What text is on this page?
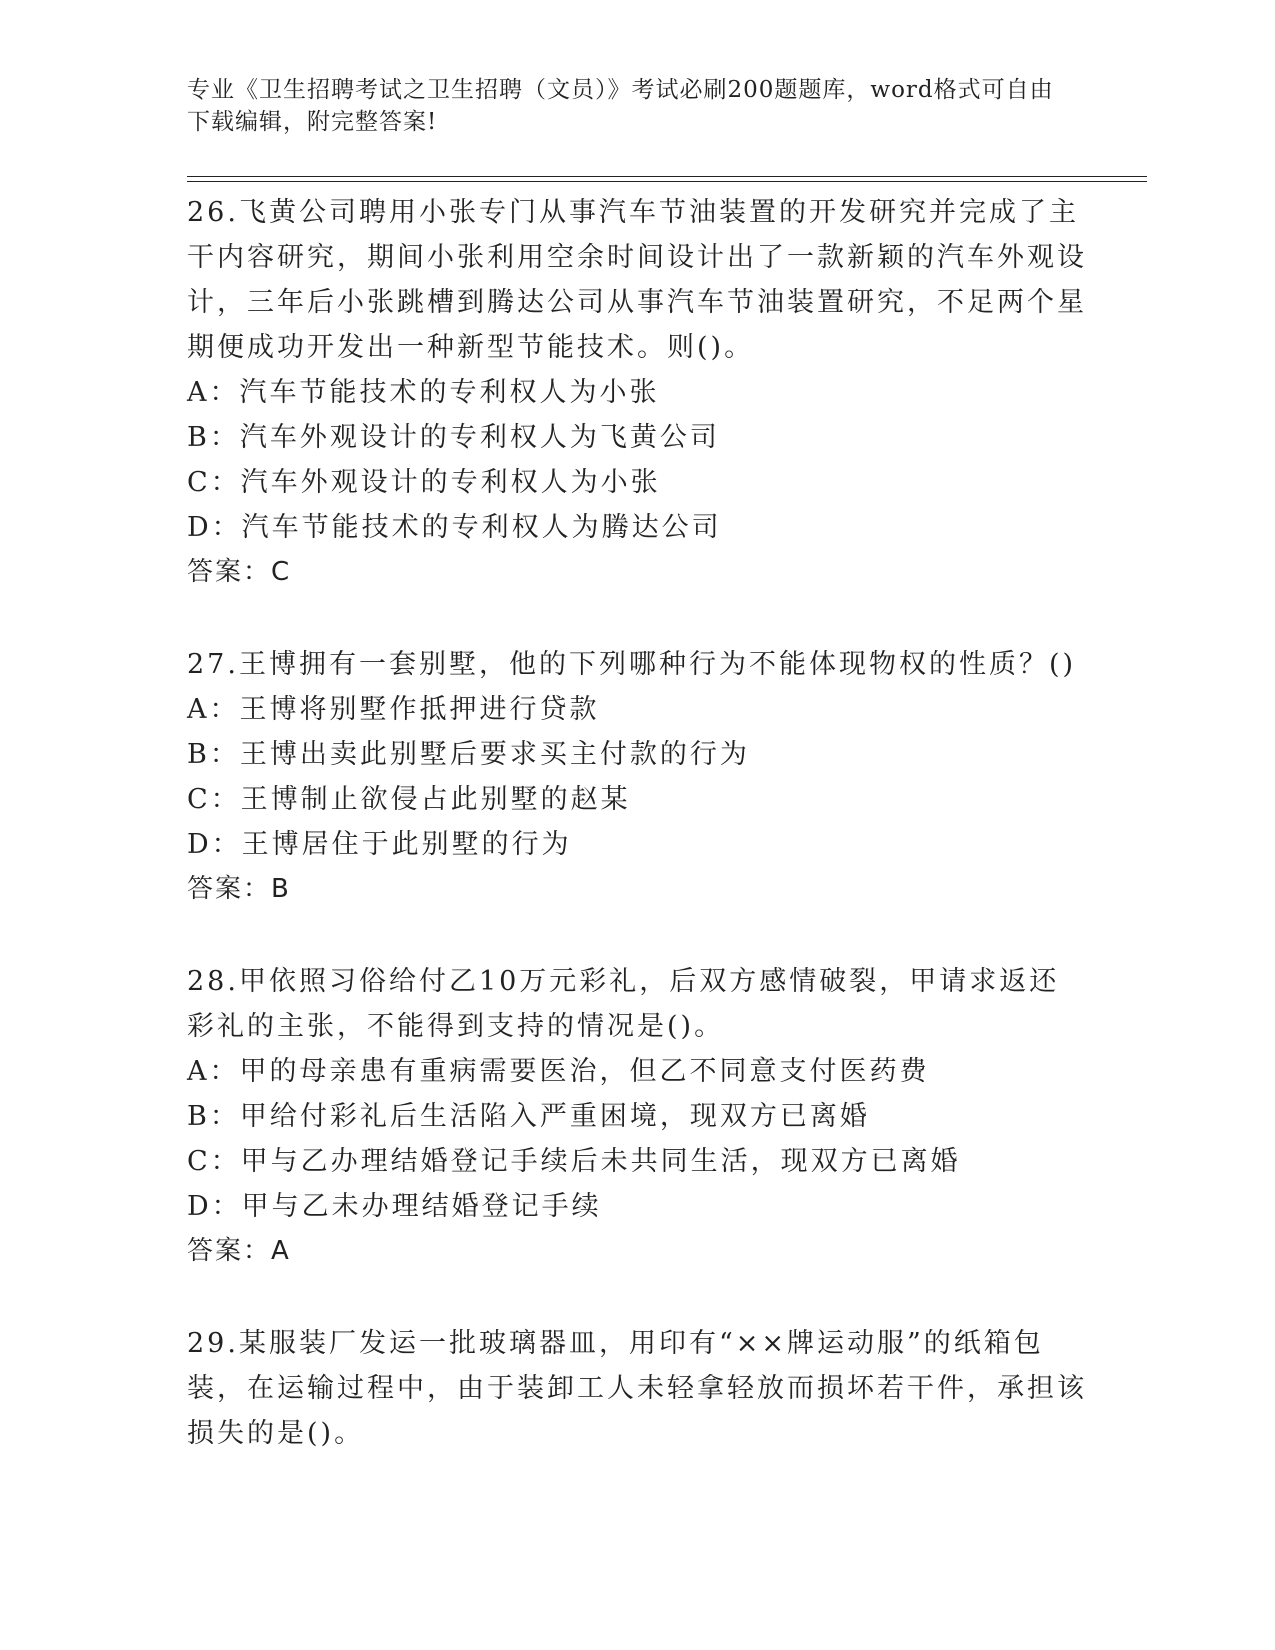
专业《卫生招聘考试之卫生招聘（文员）》考试必刷200题题库，word格式可自由下载编辑，附完整答案!

26.飞黄公司聘用小张专门从事汽车节油装置的开发研究并完成了主干内容研究，期间小张利用空余时间设计出了一款新颖的汽车外观设计，三年后小张跳槽到腾达公司从事汽车节油装置研究，不足两个星期便成功开发出一种新型节能技术。则()。

A：汽车节能技术的专利权人为小张

B：汽车外观设计的专利权人为飞黄公司

C：汽车外观设计的专利权人为小张

D：汽车节能技术的专利权人为腾达公司

答案：C

27.王博拥有一套别墅，他的下列哪种行为不能体现物权的性质？()

A：王博将别墅作抵押进行贷款

B：王博出卖此别墅后要求买主付款的行为

C：王博制止欲侵占此别墅的赵某

D：王博居住于此别墅的行为

答案：B

28.甲依照习俗给付乙10万元彩礼，后双方感情破裂，甲请求返还彩礼的主张，不能得到支持的情况是()。

A：甲的母亲患有重病需要医治，但乙不同意支付医药费

B：甲给付彩礼后生活陷入严重困境，现双方已离婚

C：甲与乙办理结婚登记手续后未共同生活，现双方已离婚

D：甲与乙未办理结婚登记手续

答案：A

29.某服装厂发运一批玻璃器皿，用印有“××牌运动服”的纸箱包装，在运输过程中，由于装卸工人未轻拿轻放而损坏若干件，承担该损失的是()。
